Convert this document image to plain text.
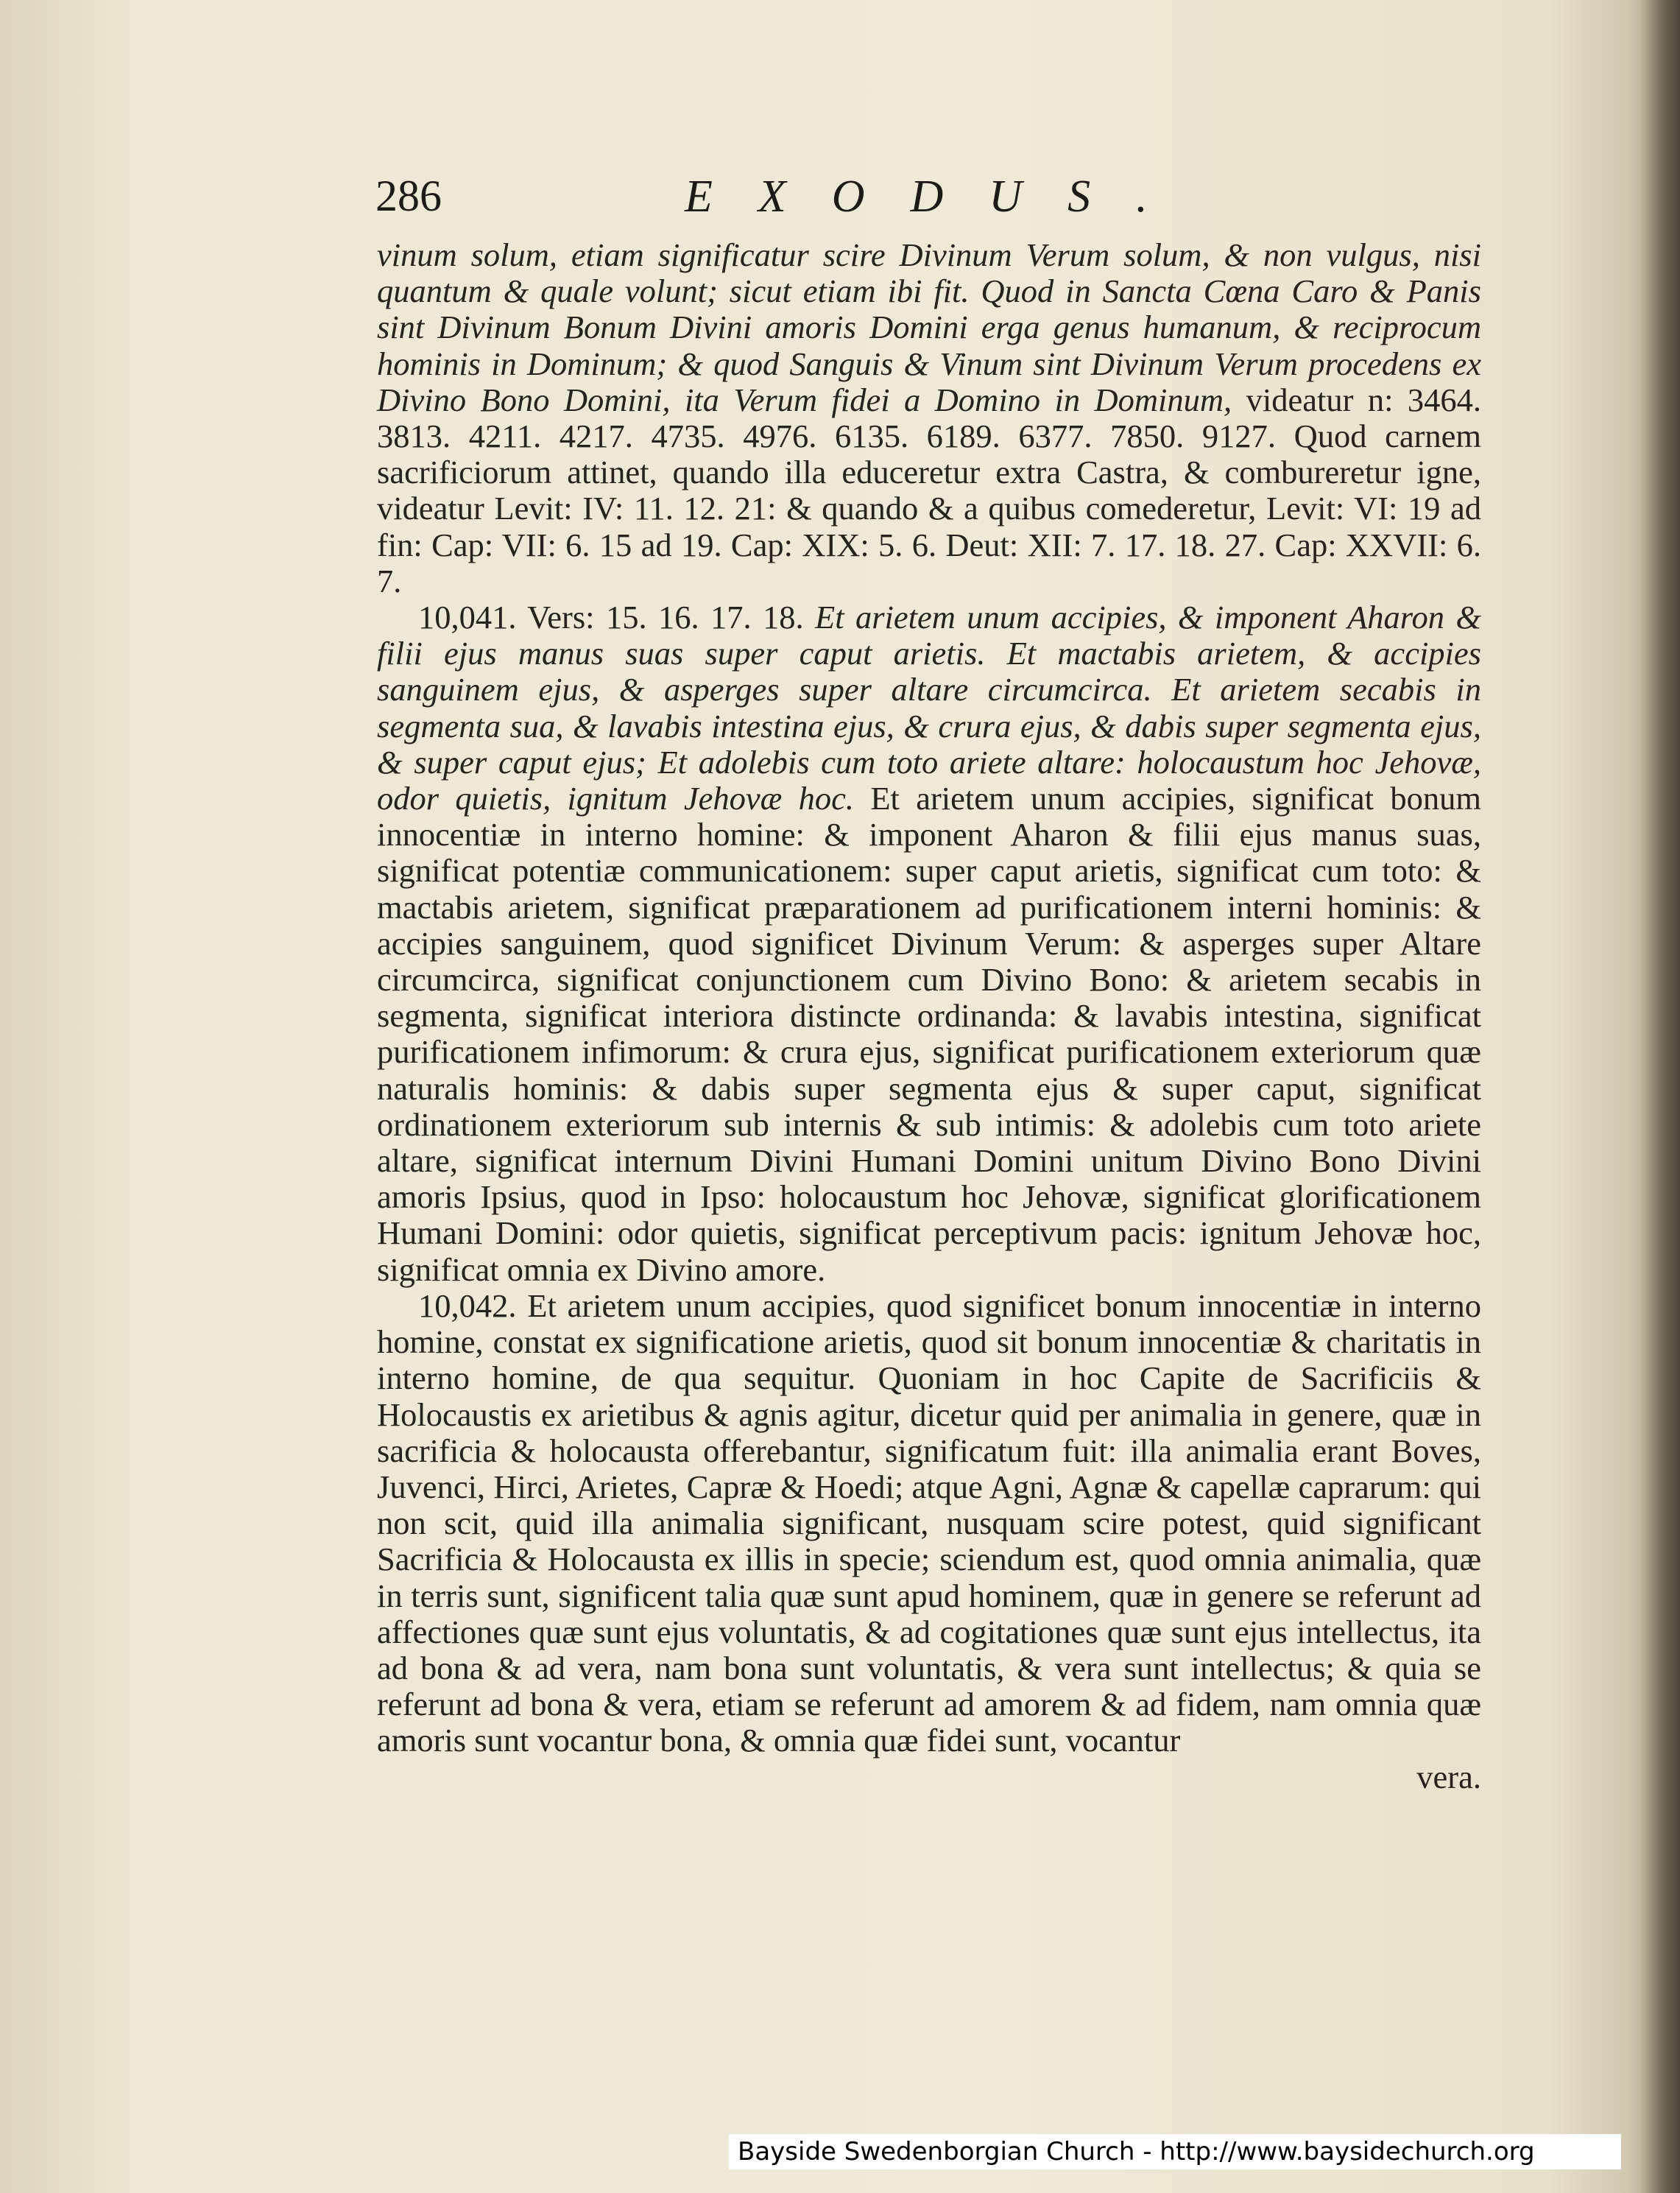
286	EXODUS.

vinum solum, etiam significatur scire Divinum Verum solum, & non vulgus, nisi quantum & quale volunt; sicut etiam ibi fit. Quod in Sancta Cœna Caro & Panis sint Divinum Bonum Divini amoris Domini erga genus humanum, & reciprocum hominis in Dominum; & quod Sanguis & Vinum sint Divinum Verum procedens ex Divino Bono Domini, ita Verum fidei a Domino in Dominum, videatur n: 3464. 3813. 4211. 4217. 4735. 4976. 6135. 6189. 6377. 7850. 9127. Quod carnem sacrificiorum attinet, quando illa educeretur extra Castra, & combureretur igne, videatur Levit: IV: 11. 12. 21: & quando & a quibus comederetur, Levit: VI: 19 ad fin: Cap: VII: 6. 15 ad 19. Cap: XIX: 5. 6. Deut: XII: 7. 17. 18. 27. Cap: XXVII: 6. 7.

10,041. Vers: 15. 16. 17. 18. Et arietem unum accipies, & imponent Aharon & filii ejus manus suas super caput arietis. Et mactabis arietem, & accipies sanguinem ejus, & asperges super altare circumcirca. Et arietem secabis in segmenta sua, & lavabis intestina ejus, & crura ejus, & dabis super segmenta ejus, & super caput ejus; Et adolebis cum toto ariete altare: holocaustum hoc Jehovæ, odor quietis, ignitum Jehovæ hoc. Et arietem unum accipies, significat bonum innocentiæ in interno homine: & imponent Aharon & filii ejus manus suas, significat potentiæ communicationem: super caput arietis, significat cum toto: & mactabis arietem, significat præparationem ad purificationem interni hominis: & accipies sanguinem, quod significet Divinum Verum: & asperges super Altare circumcirca, significat conjunctionem cum Divino Bono: & arietem secabis in segmenta, significat interiora distincte ordinanda: & lavabis intestina, significat purificationem infimorum: & crura ejus, significat purificationem exteriorum quæ naturalis hominis: & dabis super segmenta ejus & super caput, significat ordinationem exteriorum sub internis & sub intimis: & adolebis cum toto ariete altare, significat internum Divini Humani Domini unitum Divino Bono Divini amoris Ipsius, quod in Ipso: holocaustum hoc Jehovæ, significat glorificationem Humani Domini: odor quietis, significat perceptivum pacis: ignitum Jehovæ hoc, significat omnia ex Divino amore.

10,042. Et arietem unum accipies, quod significet bonum innocentiæ in interno homine, constat ex significatione arietis, quod sit bonum innocentiæ & charitatis in interno homine, de qua sequitur. Quoniam in hoc Capite de Sacrificiis & Holocaustis ex arietibus & agnis agitur, dicetur quid per animalia in genere, quæ in sacrificia & holocausta offerebantur, significatum fuit: illa animalia erant Boves, Juvenci, Hirci, Arietes, Capræ & Hoedi; atque Agni, Agnæ & capellæ caprarum: qui non scit, quid illa animalia significant, nusquam scire potest, quid significant Sacrificia & Holocausta ex illis in specie; sciendum est, quod omnia animalia, quæ in terris sunt, significent talia quæ sunt apud hominem, quæ in genere se referunt ad affectiones quæ sunt ejus voluntatis, & ad cogitationes quæ sunt ejus intellectus, ita ad bona & ad vera, nam bona sunt voluntatis, & vera sunt intellectus; & quia se referunt ad bona & vera, etiam se referunt ad amorem & ad fidem, nam omnia quæ amoris sunt vocantur bona, & omnia quæ fidei sunt, vocantur

vera.

Bayside Swedenborgian Church - http://www.baysidechurch.org
